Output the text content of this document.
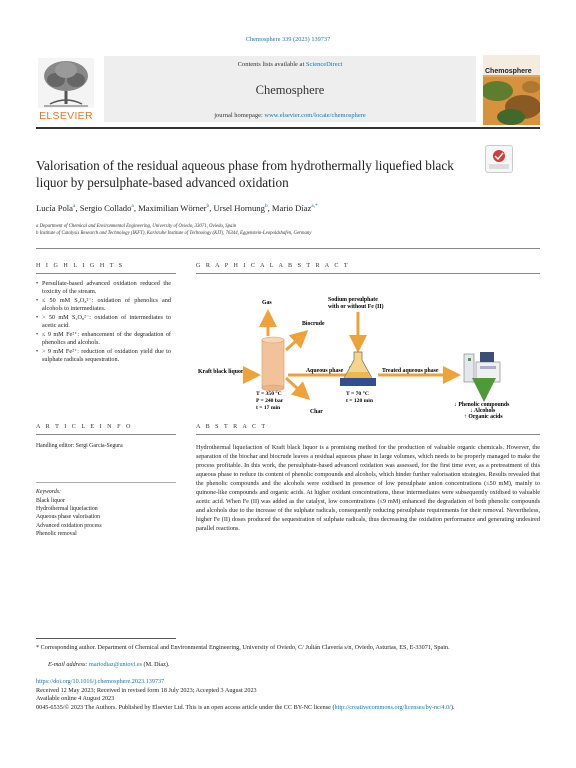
Chemosphere 339 (2023) 139737
ELSEVIER
Contents lists available at ScienceDirect
Chemosphere
journal homepage: www.elsevier.com/locate/chemosphere
Chemosphere
Valorisation of the residual aqueous phase from hydrothermally liquefied black liquor by persulphate-based advanced oxidation
Lucía Pola$^a$, Sergio Collado$^a$, Maximilian Wörner$^b$, Ursel Hornung$^b$, Mario Díaz$^{a,*}$
a Department of Chemical and Environmental Engineering, University of Oviedo, 33071, Oviedo, Spain
b Institute of Catalysis Research and Technology (IKFT), Karlsruhe Institute of Technology (KIT), 76344, Eggenstein-Leopoldshafen, Germany
H I G H L I G H T S
• Persulfate-based advanced oxidation reduced the toxicity of the stream.
• ≤ 50 mM S₂O₈²⁻: oxidation of phenolics and alcohols to intermediates.
• > 50 mM S₂O₈²⁻: oxidation of intermediates to acetic acid.
• ≤ 9 mM Fe²⁺: enhancement of the degradation of phenolics and alcohols.
• > 9 mM Fe²⁺: reduction of oxidation yield due to sulphate radicals sequestration.
G R A P H I C A L A B S T R A C T
Kraft black liquor
T = 350 °C
P = 240 bar
t = 17 min
Gas
Biocrude
Char
Aqueous phase
Sodium persulphate
with or without Fe (II)
T = 70 °C
t = 120 min
Treated aqueous phase
↓ Phenolic compounds
↓ Alcohols
↑ Organic acids
A R T I C L E I N F O
Handling editor: Sergi Garcia-Segura
Keywords:
Black liquor
Hydrothermal liquefaction
Aqueous phase valorisation
Advanced oxidation process
Phenolic removal
A B S T R A C T
Hydrothermal liquefaction of Kraft black liquor is a promising method for the production of valuable organic chemicals. However, the separation of the biochar and biocrude leaves a residual aqueous phase in large volumes, which needs to be properly managed to make the process profitable. In this work, the persulphate-based advanced oxidation was assessed, for the first time ever, as a pretreatment of this aqueous phase to reduce its content of phenolic compounds and alcohols, which hinder further valorisation strategies. Results revealed that the phenolic compounds and the alcohols were oxidised in presence of low persulphate anion concentrations (≤50 mM), mainly to quinone-like compounds and organic acids. At higher oxidant concentrations, these intermediates were subsequently oxidised to valuable acetic acid. When Fe (II) was added as the catalyst, low concentrations (≤9 mM) enhanced the degradation of both phenolic compounds and alcohols due to the increase of the sulphate radicals, consequently reducing persulphate requirements for their removal. Nevertheless, higher Fe (II) doses produced the sequestration of sulphate radicals, thus decreasing the oxidation performance and generating undesired parallel reactions.
* Corresponding author. Department of Chemical and Environmental Engineering, University of Oviedo, C/ Julián Clavería s/n, Oviedo, Asturias, ES, E-33071, Spain.
E-mail address: mariodiaz@uniovi.es (M. Díaz).
https://doi.org/10.1016/j.chemosphere.2023.139737
Received 12 May 2023; Received in revised form 18 July 2023; Accepted 3 August 2023
Available online 4 August 2023
0045-6535/© 2023 The Authors. Published by Elsevier Ltd. This is an open access article under the CC BY-NC license (http://creativecommons.org/licenses/by-nc/4.0/).
